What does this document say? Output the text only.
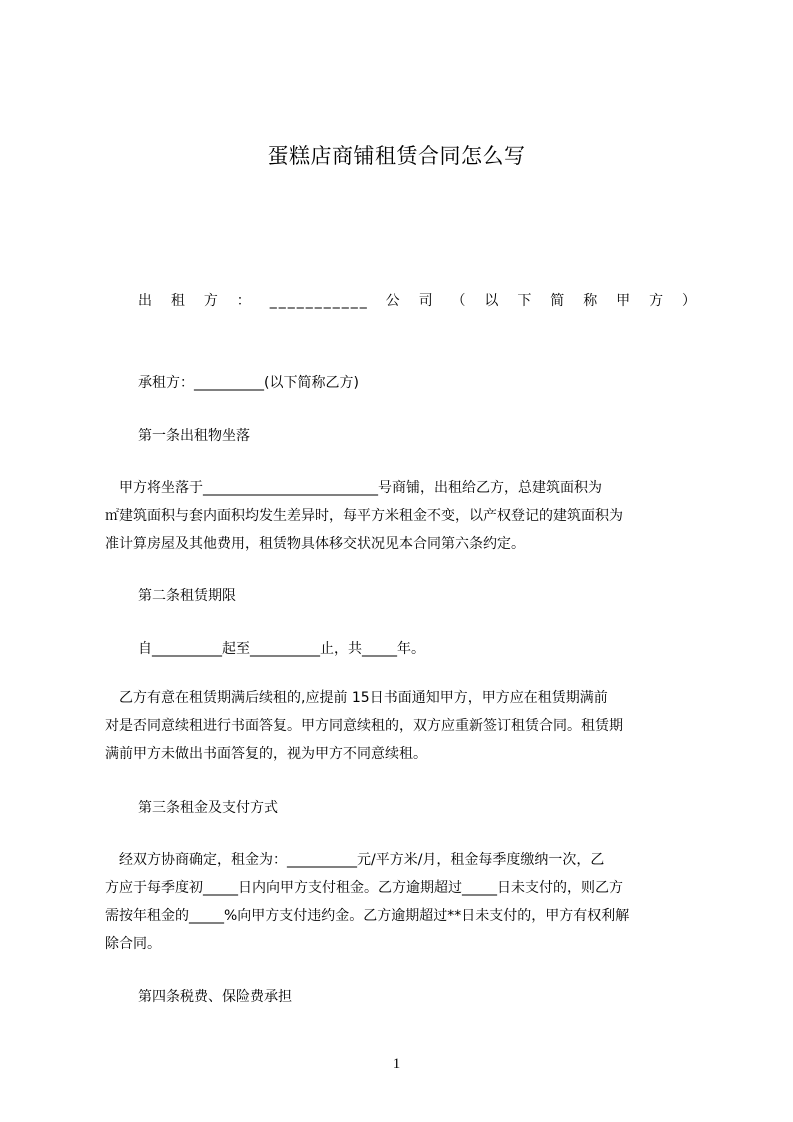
蛋糕店商铺租赁合同怎么写
出租方：___________公司（以下简称甲方）
承租方：__________(以下简称乙方)
第一条出租物坐落
　甲方将坐落于_________________________号商铺，出租给乙方，总建筑面积为
㎡建筑面积与套内面积均发生差异时，每平方米租金不变，以产权登记的建筑面积为
准计算房屋及其他费用，租赁物具体移交状况见本合同第六条约定。
第二条租赁期限
自__________起至__________止，共_____年。
　乙方有意在租赁期满后续租的,应提前 15日书面通知甲方，甲方应在租赁期满前
对是否同意续租进行书面答复。甲方同意续租的，双方应重新签订租赁合同。租赁期
满前甲方未做出书面答复的，视为甲方不同意续租。
第三条租金及支付方式
　经双方协商确定，租金为：__________元/平方米/月，租金每季度缴纳一次，乙
方应于每季度初_____日内向甲方支付租金。乙方逾期超过_____日未支付的，则乙方
需按年租金的_____%向甲方支付违约金。乙方逾期超过**日未支付的，甲方有权利解
除合同。
第四条税费、保险费承担
1
